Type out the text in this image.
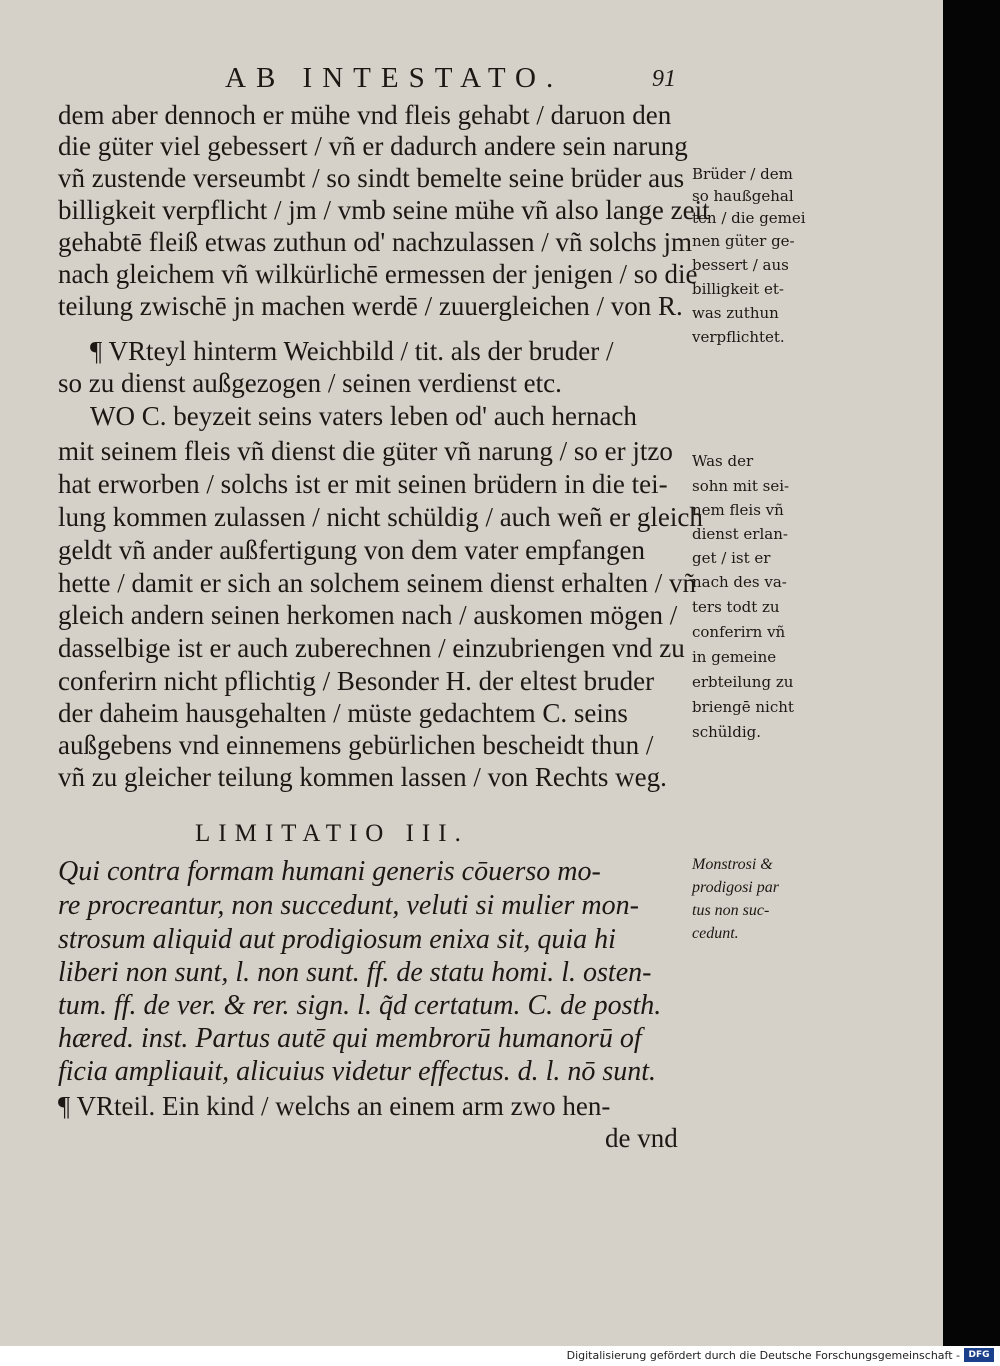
AB INTESTATO.	91
dem aber dennoch er mühe vnd fleis gehabt / daruon den
die güter viel gebessert / vñ er dadurch andere sein narung
vñ zustende verseumbt / so sindt bemelte seine brüder aus
billigkeit verpflicht / jm / vmb seine mühe vñ also lange zeit
gehabtē fleiß etwas zuthun od' nachzulassen / vñ solchs jm
nach gleichem vñ wilkürlichē ermessen der jenigen / so die
teilung zwischē jn machen werdē / zuuergleichen / von R.
¶ VRteyl hinterm Weichbild / tit. als der bruder /
so zu dienst außgezogen / seinen verdienst etc.
WO C. beyzeit seins vaters leben od' auch hernach
mit seinem fleis vñ dienst die güter vñ narung / so er jtzo
hat erworben / solchs ist er mit seinen brüdern in die tei-
lung kommen zulassen / nicht schüldig / auch weñ er gleich
geldt vñ ander außfertigung von dem vater empfangen
hette / damit er sich an solchem seinem dienst erhalten / vñ
gleich andern seinen herkomen nach / auskomen mögen /
dasselbige ist er auch zuberechnen / einzubriengen vnd zu
conferirn nicht pflichtig / Besonder H. der eltest bruder
der daheim hausgehalten / müste gedachtem C. seins
außgebens vnd einnemens gebürlichen bescheidt thun /
vñ zu gleicher teilung kommen lassen / von Rechts weg.
LIMITATIO III.
Qui contra formam humani generis cōuerso mo-
re procreantur, non succedunt, veluti si mulier mon-
strosum aliquid aut prodigiosum enixa sit, quia hi
liberi non sunt, l. non sunt. ff. de statu homi. l. osten-
tum. ff. de ver. & rer. sign. l. q̃d certatum. C. de posth.
hæred. inst. Partus autē qui membrorū humanorū of
ficia ampliauit, alicuius videtur effectus. d. l. nō sunt.
¶ VRteil. Ein kind / welchs an einem arm zwo hen-
de vnd
Brüder / dem
so haußgehal
ten / die gemei
nen güter ge-
bessert / aus
billigkeit et-
was zuthun
verpflichtet.
Was der
sohn mit sei-
nem fleis vñ
dienst erlan-
get / ist er
nach des va-
ters todt zu
conferirn vñ
in gemeine
erbteilung zu
briengē nicht
schüldig.
Monstrosi &
prodigosi par
tus non suc-
cedunt.
Digitalisierung gefördert durch die Deutsche Forschungsgemeinschaft - DFG
